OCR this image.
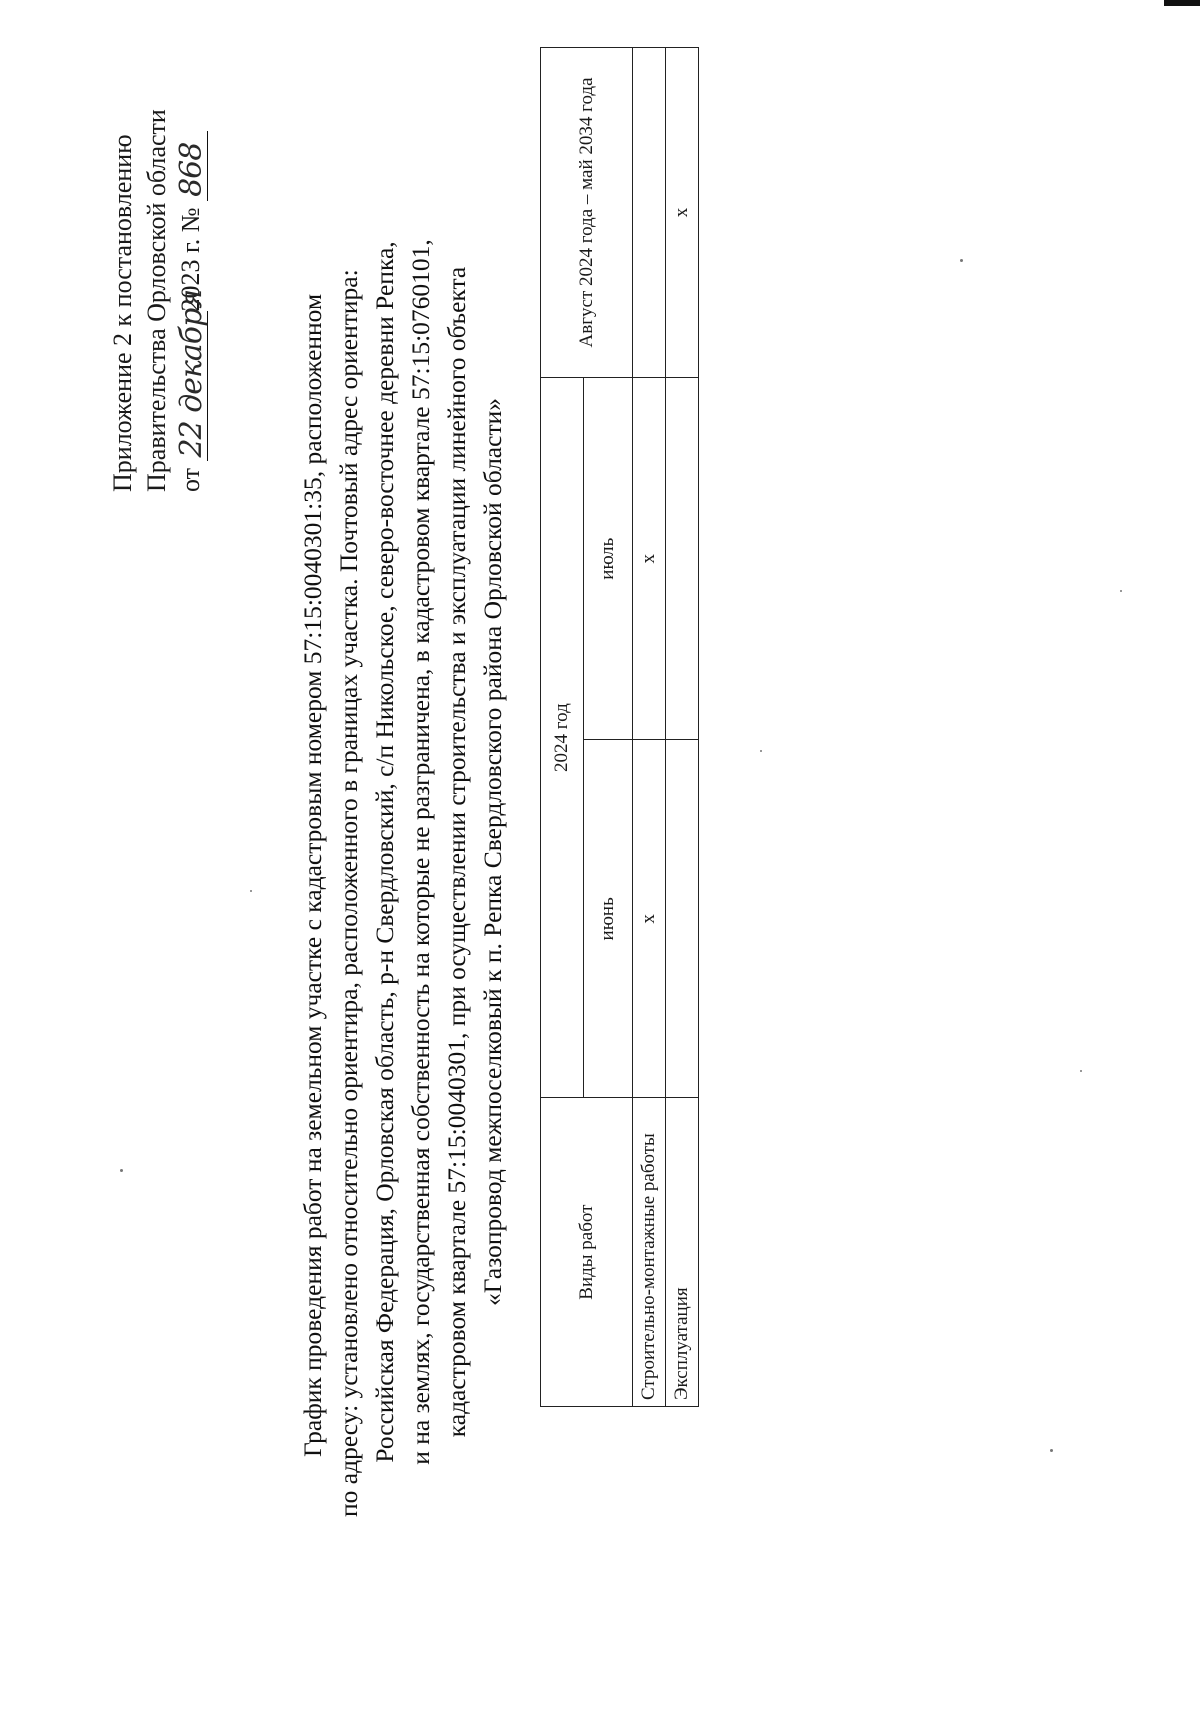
Приложение 2 к постановлению Правительства Орловской области от
22 декабря
2023 г. №
868
График проведения работ на земельном участке с кадастровым номером 57:15:0040301:35, расположенном по адресу: установлено относительно ориентира, расположенного в границах участка. Почтовый адрес ориентира: Российская Федерация, Орловская область, р-н Свердловский, с/п Никольское, северо-восточнее деревни Репка, и на землях, государственная собственность на которые не разграничена, в кадастровом квартале 57:15:0760101, кадастровом квартале 57:15:0040301, при осуществлении строительства и эксплуатации линейного объекта «Газопровод межпоселковый к п. Репка Свердловского района Орловской области»	Виды работ	2024 год		Август 2024 года – май 2034 года
	июнь	июль	
Строительно-монтажные работы	x	x	
Эксплуатация			x
